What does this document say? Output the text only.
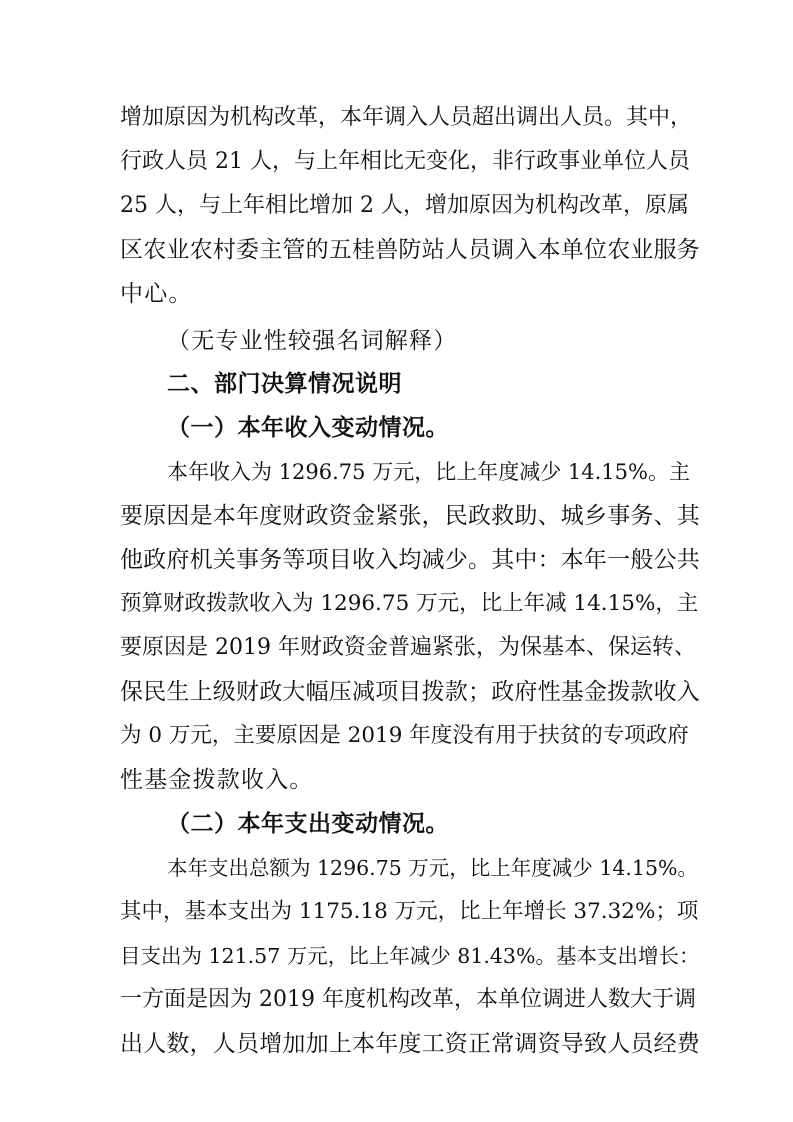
增加原因为机构改革，本年调入人员超出调出人员。其中，
行政人员 21 人，与上年相比无变化，非行政事业单位人员
25 人，与上年相比增加 2 人，增加原因为机构改革，原属
区农业农村委主管的五桂兽防站人员调入本单位农业服务
中心。
（无专业性较强名词解释）
二、部门决算情况说明
（一）本年收入变动情况。
本年收入为 1296.75 万元，比上年度减少 14.15%。主
要原因是本年度财政资金紧张，民政救助、城乡事务、其
他政府机关事务等项目收入均减少。其中：本年一般公共
预算财政拨款收入为 1296.75 万元，比上年减 14.15%，主
要原因是 2019 年财政资金普遍紧张，为保基本、保运转、
保民生上级财政大幅压减项目拨款；政府性基金拨款收入
为 0 万元，主要原因是 2019 年度没有用于扶贫的专项政府
性基金拨款收入。
（二）本年支出变动情况。
本年支出总额为 1296.75 万元，比上年度减少 14.15%。
其中，基本支出为 1175.18 万元，比上年增长 37.32%；项
目支出为 121.57 万元，比上年减少 81.43%。基本支出增长：
一方面是因为 2019 年度机构改革，本单位调进人数大于调
出人数，人员增加加上本年度工资正常调资导致人员经费
